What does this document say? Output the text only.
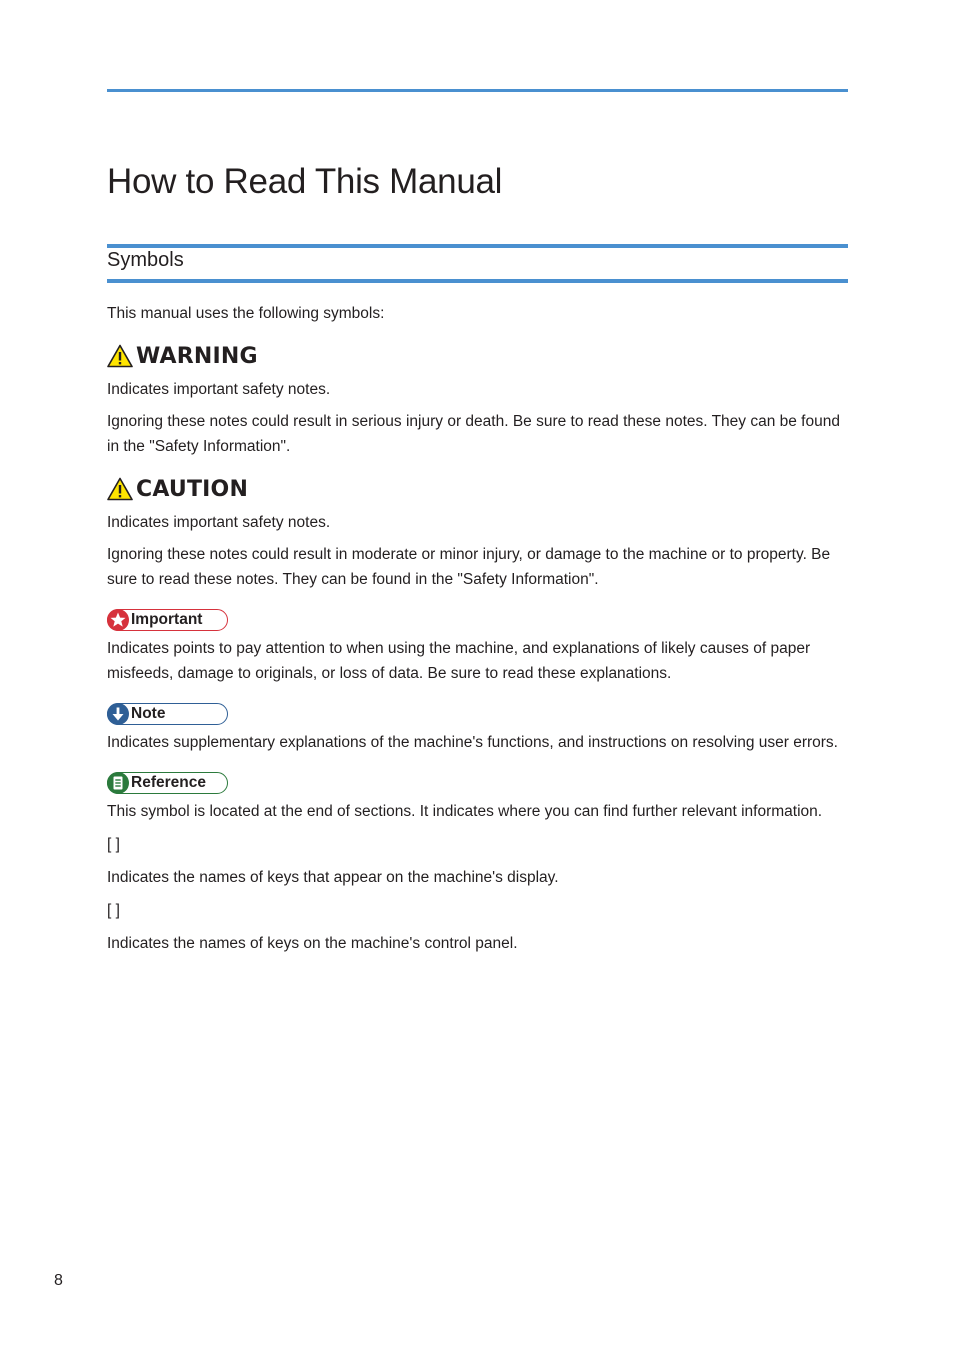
How to Read This Manual
Symbols

This manual uses the following symbols:

WARNING

Indicates important safety notes.

Ignoring these notes could result in serious injury or death. Be sure to read these notes. They can be found in the "Safety Information".

CAUTION

Indicates important safety notes.

Ignoring these notes could result in moderate or minor injury, or damage to the machine or to property. Be sure to read these notes. They can be found in the "Safety Information".

Important

Indicates points to pay attention to when using the machine, and explanations of likely causes of paper misfeeds, damage to originals, or loss of data. Be sure to read these explanations.

Note

Indicates supplementary explanations of the machine's functions, and instructions on resolving user errors.

Reference

This symbol is located at the end of sections. It indicates where you can find further relevant information.

[ ]

Indicates the names of keys that appear on the machine's display.

[ ]

Indicates the names of keys on the machine's control panel.

8
